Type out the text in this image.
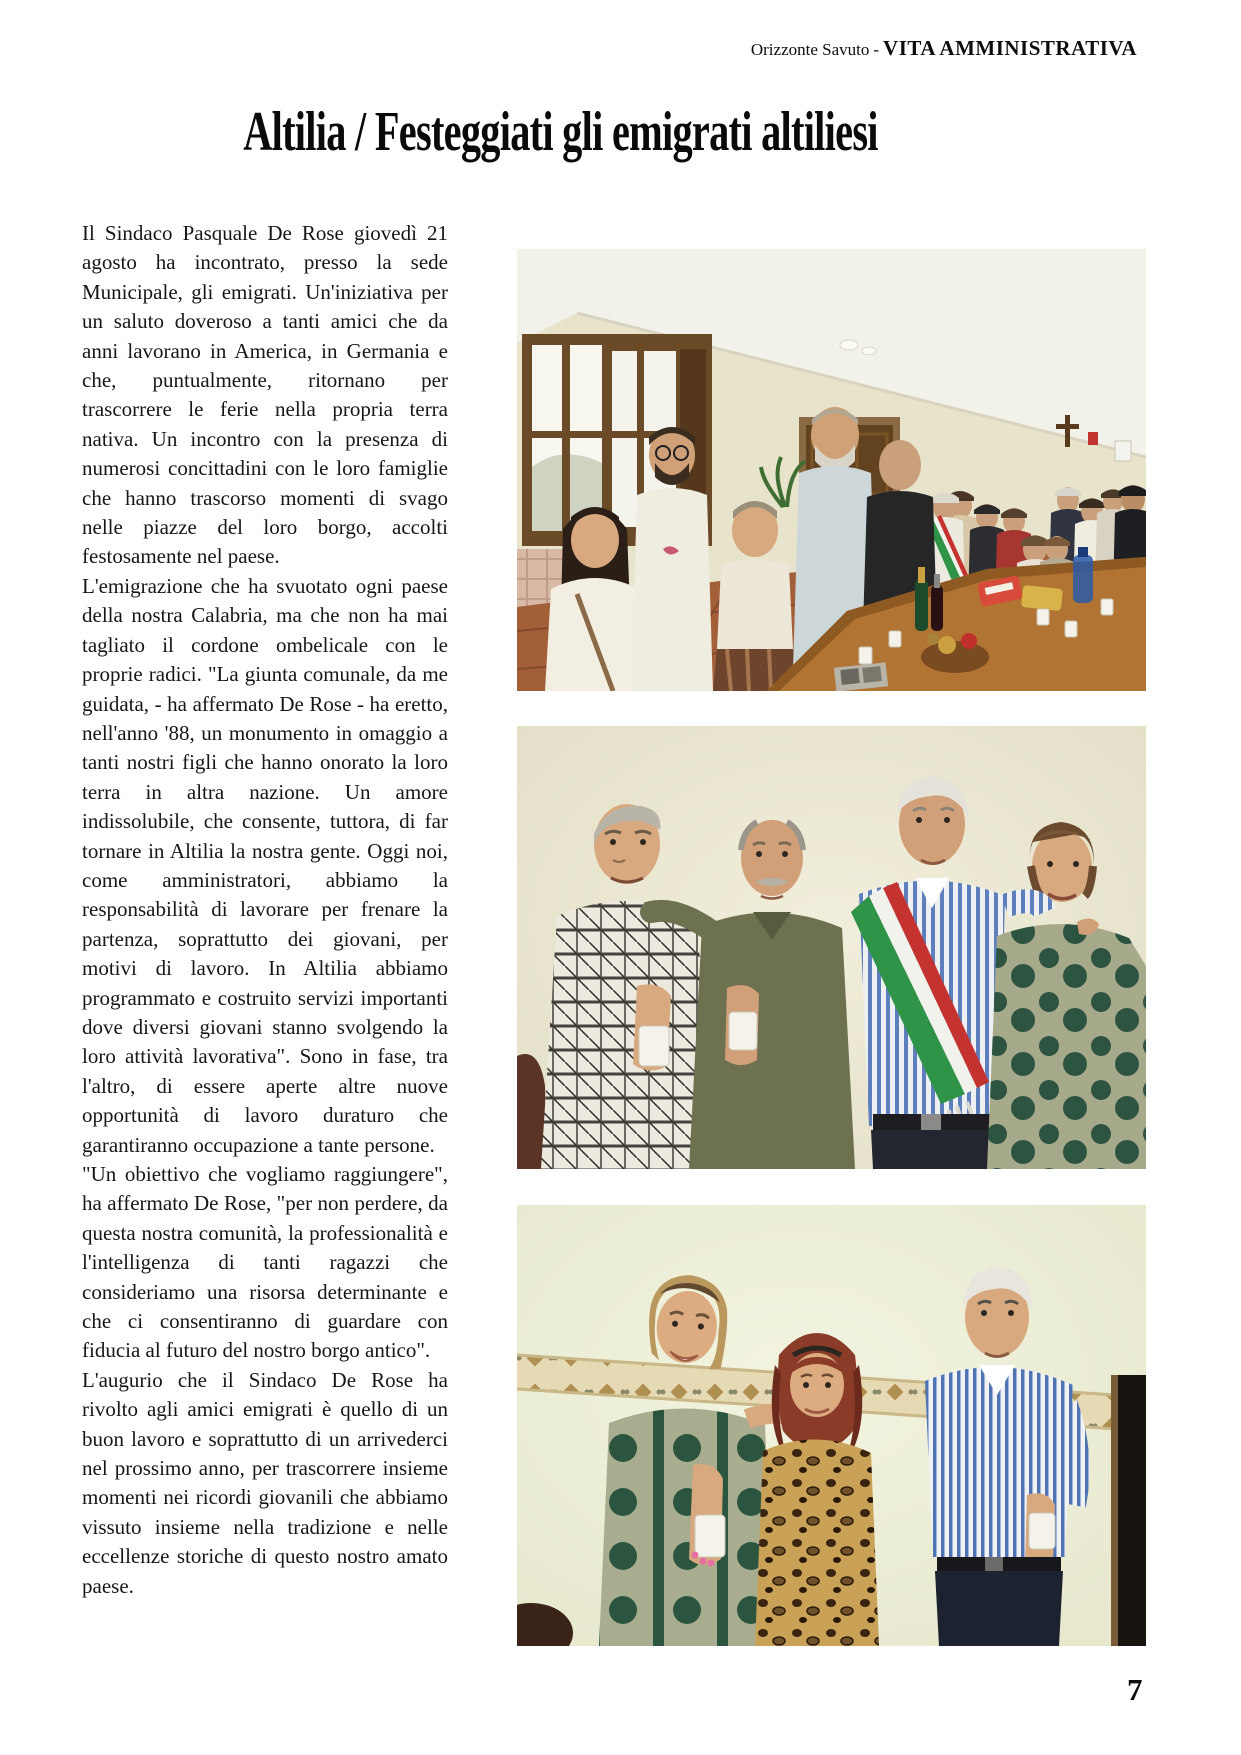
Orizzonte Savuto - VITA AMMINISTRATIVA
Altilia / Festeggiati gli emigrati altiliesi

Il Sindaco Pasquale De Rose giovedì 21 agosto ha incontrato, presso la sede Municipale, gli emigrati. Un'iniziativa per un saluto doveroso a tanti amici che da anni lavorano in America, in Germania e che, puntualmente, ritornano per trascorrere le ferie nella propria terra nativa. Un incontro con la presenza di numerosi concittadini con le loro famiglie che hanno trascorso momenti di svago nelle piazze del loro borgo, accolti festosamente nel paese.

L'emigrazione che ha svuotato ogni paese della nostra Calabria, ma che non ha mai tagliato il cordone ombelicale con le proprie radici. "La giunta comunale, da me guidata, - ha affermato De Rose - ha eretto, nell'anno '88, un monumento in omaggio a tanti nostri figli che hanno onorato la loro terra in altra nazione. Un amore indissolubile, che consente, tuttora, di far tornare in Altilia la nostra gente. Oggi noi, come amministratori, abbiamo la responsabilità di lavorare per frenare la partenza, soprattutto dei giovani, per motivi di lavoro. In Altilia abbiamo programmato e costruito servizi importanti dove diversi giovani stanno svolgendo la loro attività lavorativa". Sono in fase, tra l'altro, di essere aperte altre nuove opportunità di lavoro duraturo che garantiranno occupazione a tante persone.

"Un obiettivo che vogliamo raggiungere", ha affermato De Rose, "per non perdere, da questa nostra comunità, la professionalità e l'intelligenza di tanti ragazzi che consideriamo una risorsa determinante e che ci consentiranno di guardare con fiducia al futuro del nostro borgo antico".

L'augurio che il Sindaco De Rose ha rivolto agli amici emigrati è quello di un buon lavoro e soprattutto di un arrivederci nel prossimo anno, per trascorrere insieme momenti nei ricordi giovanili che abbiamo vissuto insieme nella tradizione e nelle eccellenze storiche di questo nostro amato paese.

7
